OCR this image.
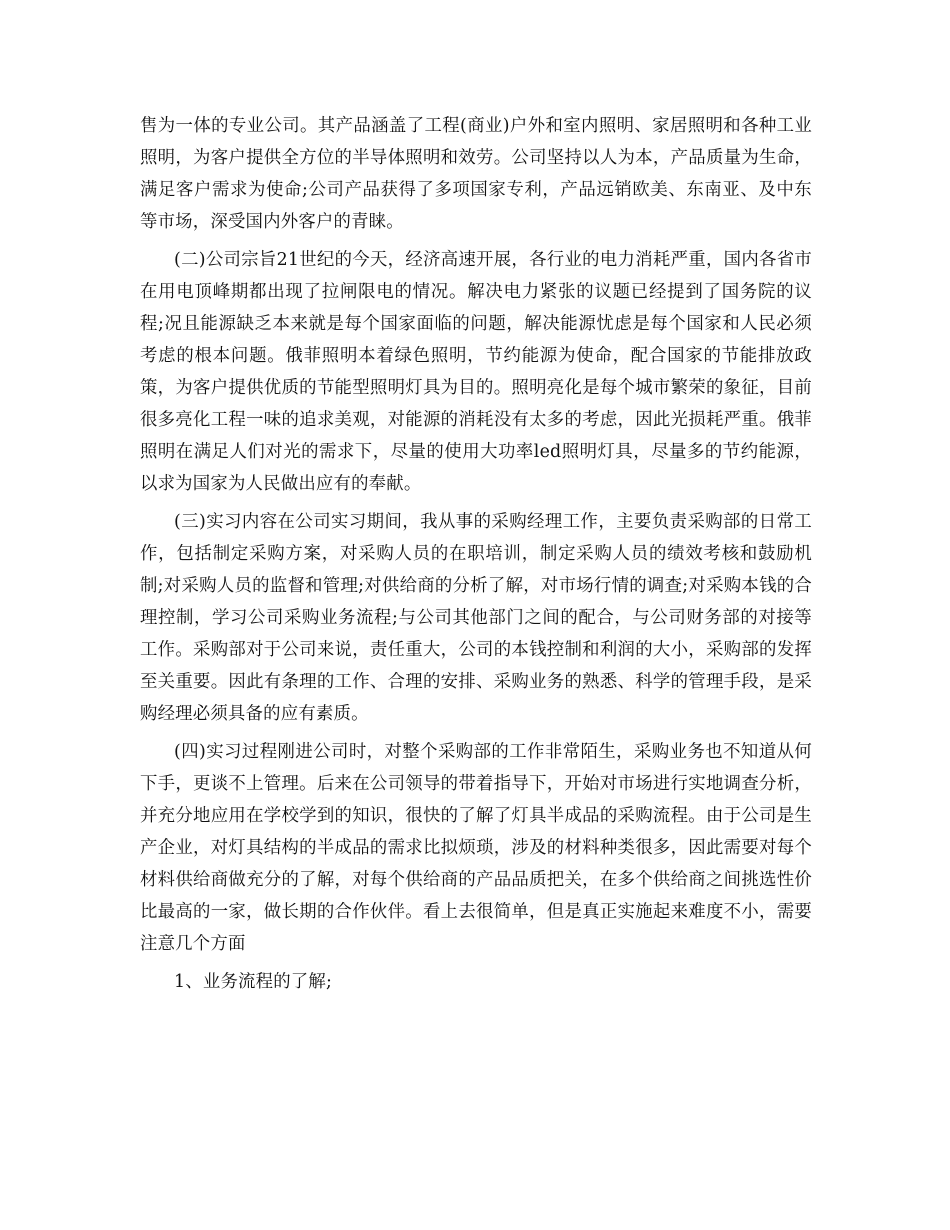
售为一体的专业公司。其产品涵盖了工程(商业)户外和室内照明、家居照明和各种工业照明，为客户提供全方位的半导体照明和效劳。公司坚持以人为本，产品质量为生命，满足客户需求为使命;公司产品获得了多项国家专利，产品远销欧美、东南亚、及中东等市场，深受国内外客户的青睐。

(二)公司宗旨21世纪的今天，经济高速开展，各行业的电力消耗严重，国内各省市在用电顶峰期都出现了拉闸限电的情况。解决电力紧张的议题已经提到了国务院的议程;况且能源缺乏本来就是每个国家面临的问题，解决能源忧虑是每个国家和人民必须考虑的根本问题。俄菲照明本着绿色照明，节约能源为使命，配合国家的节能排放政策，为客户提供优质的节能型照明灯具为目的。照明亮化是每个城市繁荣的象征，目前很多亮化工程一味的追求美观，对能源的消耗没有太多的考虑，因此光损耗严重。俄菲照明在满足人们对光的需求下，尽量的使用大功率led照明灯具，尽量多的节约能源，以求为国家为人民做出应有的奉献。

(三)实习内容在公司实习期间，我从事的采购经理工作，主要负责采购部的日常工作，包括制定采购方案，对采购人员的在职培训，制定采购人员的绩效考核和鼓励机制;对采购人员的监督和管理;对供给商的分析了解，对市场行情的调查;对采购本钱的合理控制，学习公司采购业务流程;与公司其他部门之间的配合，与公司财务部的对接等工作。采购部对于公司来说，责任重大，公司的本钱控制和利润的大小，采购部的发挥至关重要。因此有条理的工作、合理的安排、采购业务的熟悉、科学的管理手段，是采购经理必须具备的应有素质。

(四)实习过程刚进公司时，对整个采购部的工作非常陌生，采购业务也不知道从何下手，更谈不上管理。后来在公司领导的带着指导下，开始对市场进行实地调查分析，并充分地应用在学校学到的知识，很快的了解了灯具半成品的采购流程。由于公司是生产企业，对灯具结构的半成品的需求比拟烦琐，涉及的材料种类很多，因此需要对每个材料供给商做充分的了解，对每个供给商的产品品质把关，在多个供给商之间挑选性价比最高的一家，做长期的合作伙伴。看上去很简单，但是真正实施起来难度不小，需要注意几个方面

1、业务流程的了解;
